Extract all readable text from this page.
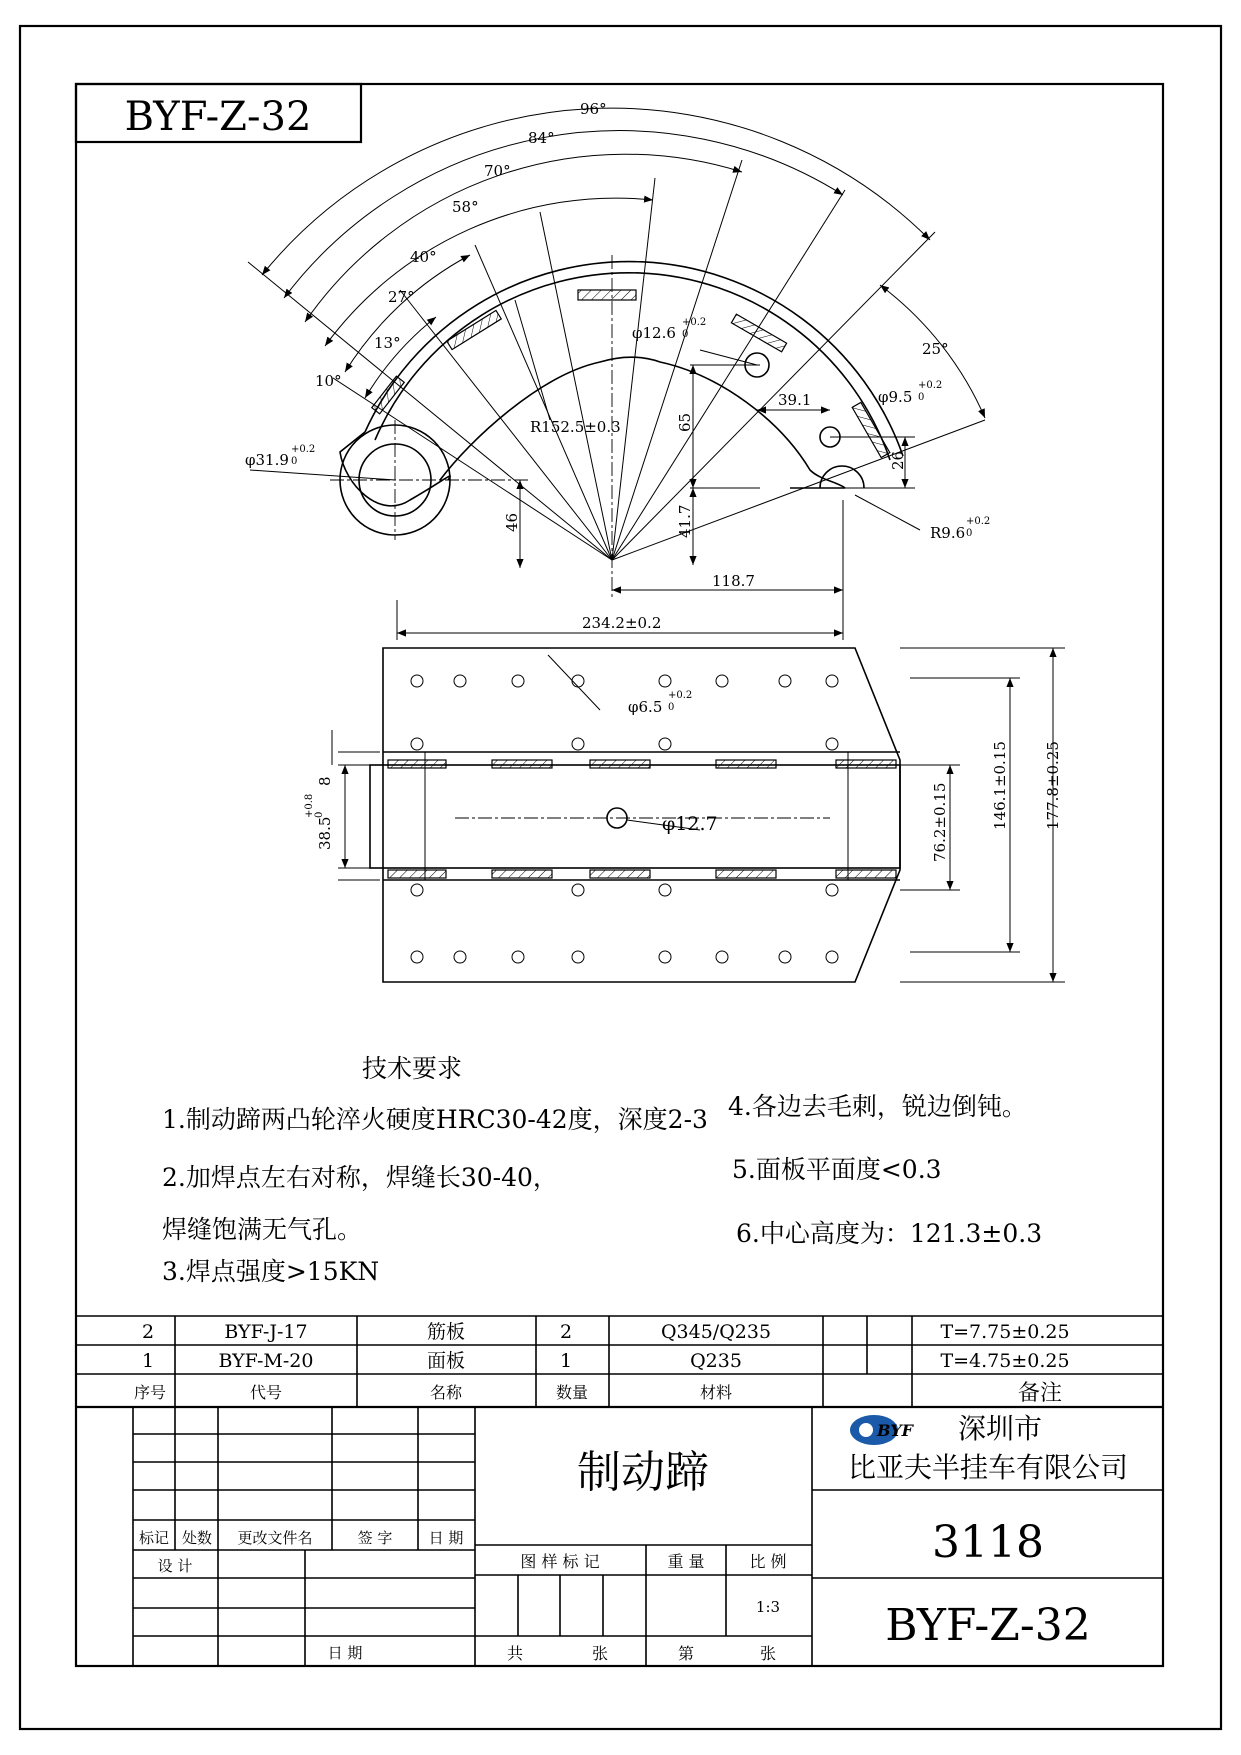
BYF-Z-32	96°
84°
70°
58°
40°
27°
13°
10°
25°
φ31.9
+0.2
0
φ12.6
+0.2
0
φ9.5
+0.2
0
R152.5±0.3
R9.6
+0.2
0
39.1
65
26
41.7
46
118.7
234.2±0.2
177.8±0.25
146.1±0.15
76.2±0.15
8
38.5
+0.8 0
φ6.5
+0.2
0
φ12.7
技术要求
1.制动蹄两凸轮淬火硬度HRC30-42度，深度2-3
2.加焊点左右对称，焊缝长30-40，
焊缝饱满无气孔。
3.焊点强度>15KN
4.各边去毛刺，锐边倒钝。
5.面板平面度<0.3
6.中心高度为：121.3±0.3
2	BYF-J-17	筋板	2	Q345/Q235	T=7.75±0.25
1	BYF-M-20	面板	1	Q235	T=4.75±0.25
序号	代号	名称	数量	材料	备注
标记 处数 更改文件名	签 字 日 期
设 计
日 期
制动蹄
图 样 标 记	重 量	比 例
1:3
共	张	第	张
BYF 深圳市
比亚夫半挂车有限公司
3118
BYF-Z-32
